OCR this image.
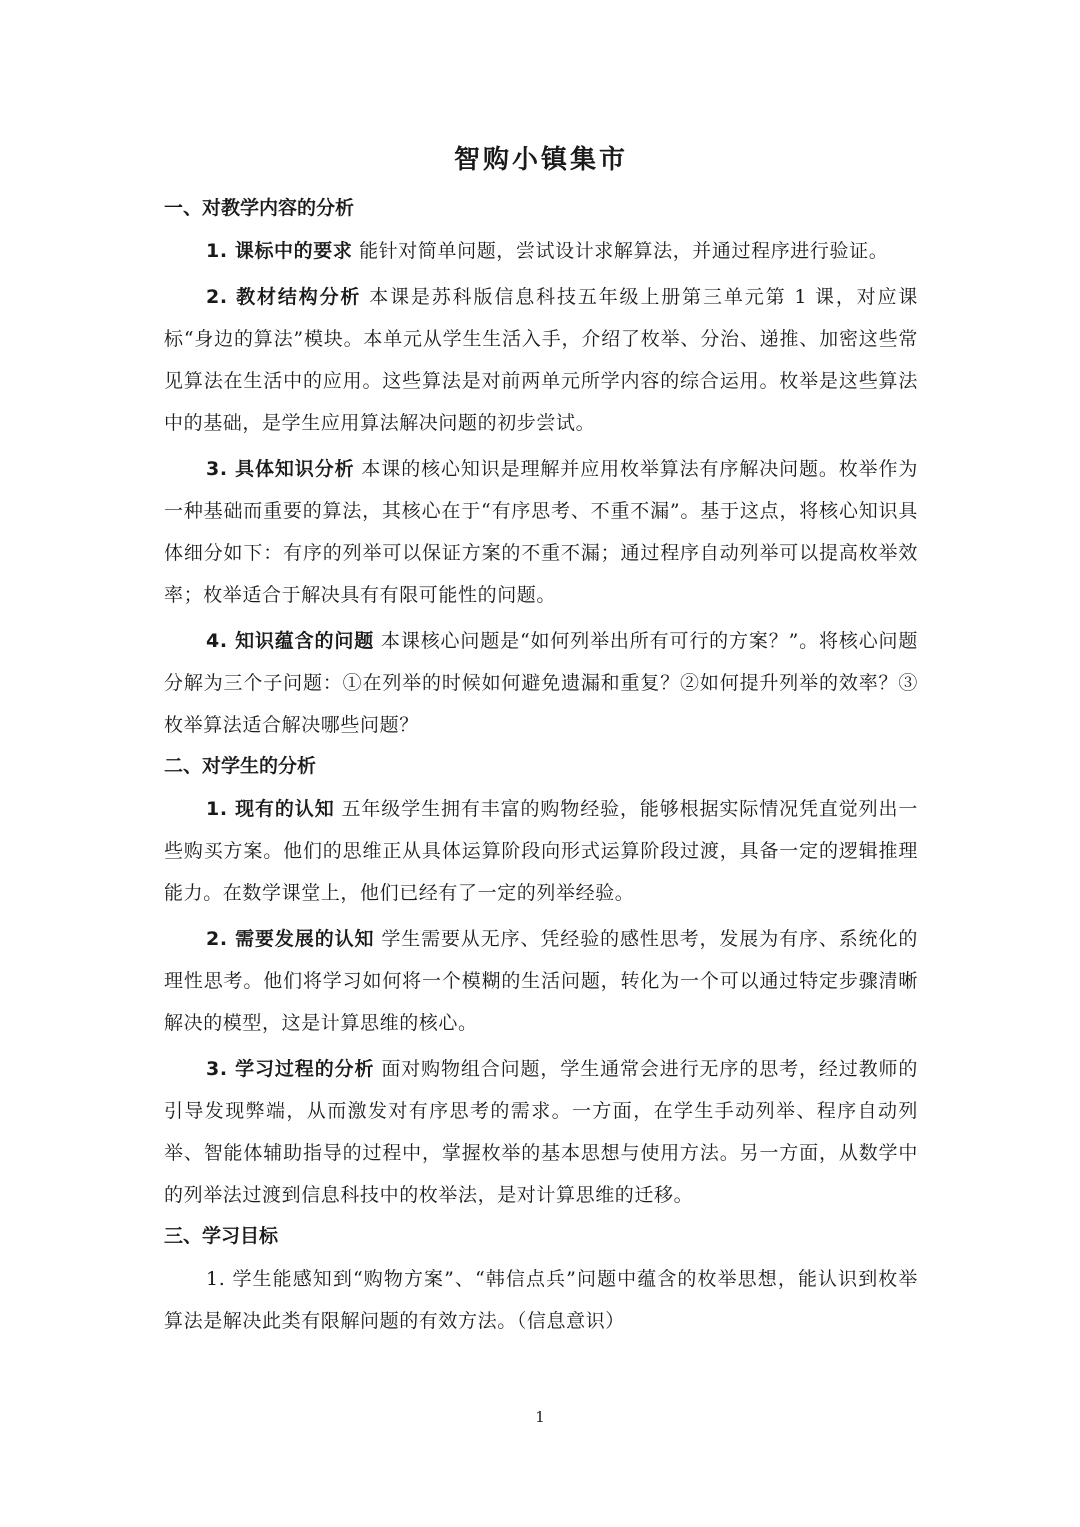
智购小镇集市
一、对教学内容的分析

1. 课标中的要求 能针对简单问题，尝试设计求解算法，并通过程序进行验证。

2. 教材结构分析 本课是苏科版信息科技五年级上册第三单元第 1 课，对应课标“身边的算法”模块。本单元从学生生活入手，介绍了枚举、分治、递推、加密这些常见算法在生活中的应用。这些算法是对前两单元所学内容的综合运用。枚举是这些算法中的基础，是学生应用算法解决问题的初步尝试。

3. 具体知识分析 本课的核心知识是理解并应用枚举算法有序解决问题。枚举作为一种基础而重要的算法，其核心在于“有序思考、不重不漏”。基于这点，将核心知识具体细分如下：有序的列举可以保证方案的不重不漏；通过程序自动列举可以提高枚举效率；枚举适合于解决具有有限可能性的问题。

4. 知识蕴含的问题 本课核心问题是“如何列举出所有可行的方案？”。将核心问题分解为三个子问题：①在列举的时候如何避免遗漏和重复？②如何提升列举的效率？③枚举算法适合解决哪些问题？

二、对学生的分析

1. 现有的认知 五年级学生拥有丰富的购物经验，能够根据实际情况凭直觉列出一些购买方案。他们的思维正从具体运算阶段向形式运算阶段过渡，具备一定的逻辑推理能力。在数学课堂上，他们已经有了一定的列举经验。

2. 需要发展的认知 学生需要从无序、凭经验的感性思考，发展为有序、系统化的理性思考。他们将学习如何将一个模糊的生活问题，转化为一个可以通过特定步骤清晰解决的模型，这是计算思维的核心。

3. 学习过程的分析 面对购物组合问题，学生通常会进行无序的思考，经过教师的引导发现弊端，从而激发对有序思考的需求。一方面，在学生手动列举、程序自动列举、智能体辅助指导的过程中，掌握枚举的基本思想与使用方法。另一方面，从数学中的列举法过渡到信息科技中的枚举法，是对计算思维的迁移。

三、学习目标

1. 学生能感知到“购物方案”、“韩信点兵”问题中蕴含的枚举思想，能认识到枚举算法是解决此类有限解问题的有效方法。（信息意识）

1
